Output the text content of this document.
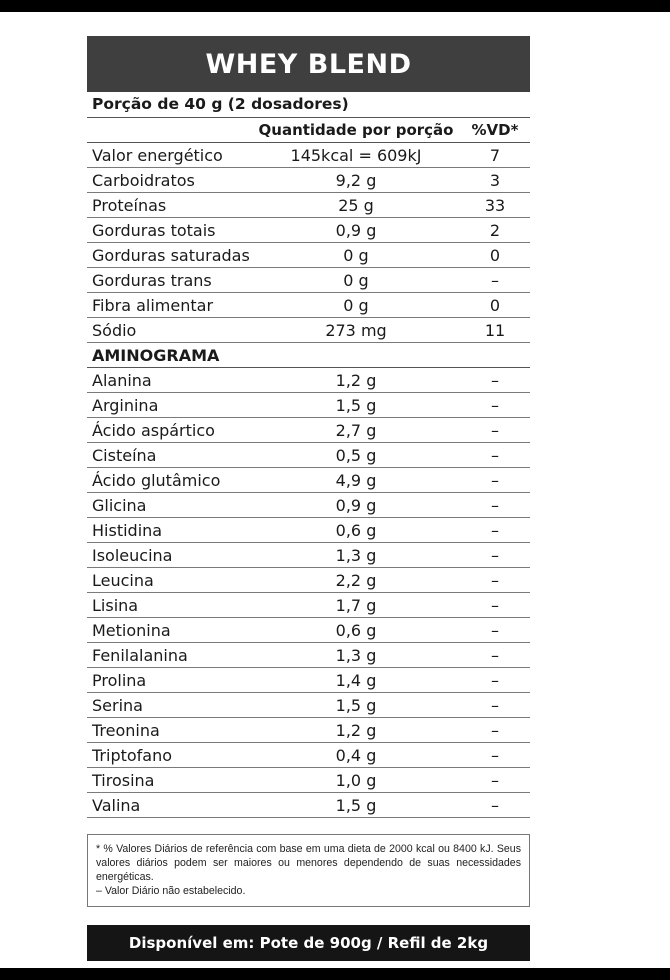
WHEY BLEND
Porção de 40 g (2 dosadores)
Quantidade por porção	%VD*
Valor energético	145kcal = 609kJ	7
Carboidratos	9,2 g	3
Proteínas	25 g	33
Gorduras totais	0,9 g	2
Gorduras saturadas	0 g	0
Gorduras trans	0 g	–
Fibra alimentar	0 g	0
Sódio	273 mg	11
AMINOGRAMA
Alanina	1,2 g	–
Arginina	1,5 g	–
Ácido aspártico	2,7 g	–
Cisteína	0,5 g	–
Ácido glutâmico	4,9 g	–
Glicina	0,9 g	–
Histidina	0,6 g	–
Isoleucina	1,3 g	–
Leucina	2,2 g	–
Lisina	1,7 g	–
Metionina	0,6 g	–
Fenilalanina	1,3 g	–
Prolina	1,4 g	–
Serina	1,5 g	–
Treonina	1,2 g	–
Triptofano	0,4 g	–
Tirosina	1,0 g	–
Valina	1,5 g	–

* % Valores Diários de referência com base em uma dieta de 2000 kcal ou 8400 kJ. Seus valores diários podem ser maiores ou menores dependendo de suas necessidades energéticas.

– Valor Diário não estabelecido.

Disponível em: Pote de 900g / Refil de 2kg
